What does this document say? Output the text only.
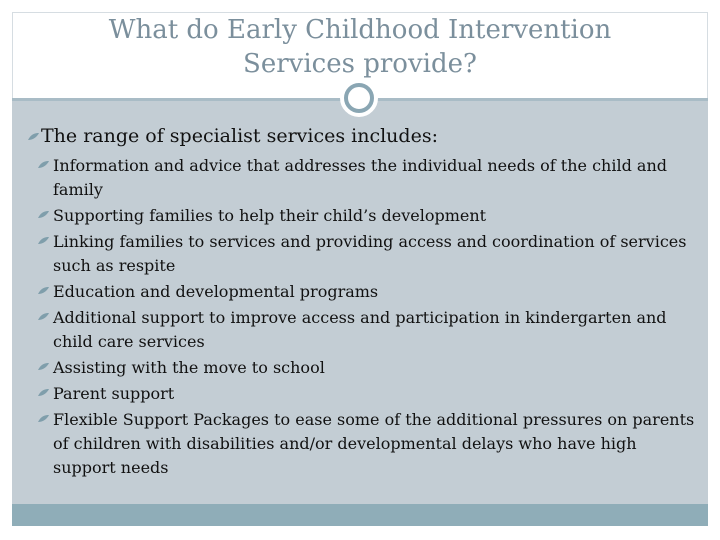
What do Early Childhood Intervention
Services provide?
The range of specialist services includes:
Information and advice that addresses the individual needs of the child and family
Supporting families to help their child’s development
Linking families to services and providing access and coordination of services such as respite
Education and developmental programs
Additional support to improve access and participation in kindergarten and child care services
Assisting with the move to school
Parent support
Flexible Support Packages to ease some of the additional pressures on parents of children with disabilities and/or developmental delays who have high support needs
